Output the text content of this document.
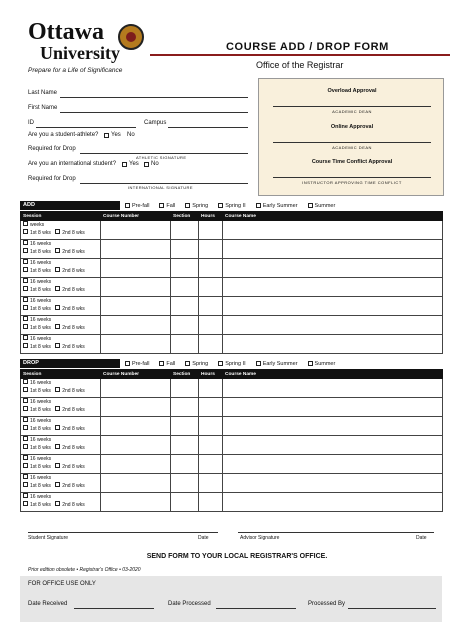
Ottawa
University
Prepare for a Life of Significance
COURSE ADD / DROP FORM
Office of the Registrar
Last Name
First Name
ID	Campus
Are you a student-athlete? Yes No
Required for Drop
ATHLETIC SIGNATURE
Are you an international student? Yes No
Required for Drop
INTERNATIONAL SIGNATURE
Overload Approval
ACADEMIC DEAN
Online Approval
ACADEMIC DEAN
Course Time Conflict Approval
INSTRUCTOR APPROVING TIME CONFLICT
ADD	Pre-fall	Fall	Spring	Spring II	Early Summer	Summer
Session	Course Number	Section	Hours	Course Name

weeks
1st 8 wks 2nd 8 wks				

16 weeks
1st 8 wks 2nd 8 wks				

16 weeks
1st 8 wks 2nd 8 wks				

16 weeks
1st 8 wks 2nd 8 wks				

16 weeks
1st 8 wks 2nd 8 wks				

16 weeks
1st 8 wks 2nd 8 wks				

16 weeks
1st 8 wks 2nd 8 wks				

DROP	Pre-fall	Fall	Spring	Spring II	Early Summer	Summer
Session	Course Number	Section	Hours	Course Name

16 weeks
1st 8 wks 2nd 8 wks				

16 weeks
1st 8 wks 2nd 8 wks				

16 weeks
1st 8 wks 2nd 8 wks				

16 weeks
1st 8 wks 2nd 8 wks				

16 weeks
1st 8 wks 2nd 8 wks				

16 weeks
1st 8 wks 2nd 8 wks				

16 weeks
1st 8 wks 2nd 8 wks				

Student Signature	Date	Advisor Signature	Date
SEND FORM TO YOUR LOCAL REGISTRAR'S OFFICE.
Prior edition obsolete • Registrar's Office • 03-2020
FOR OFFICE USE ONLY
Date Received	Date Processed	Processed By
